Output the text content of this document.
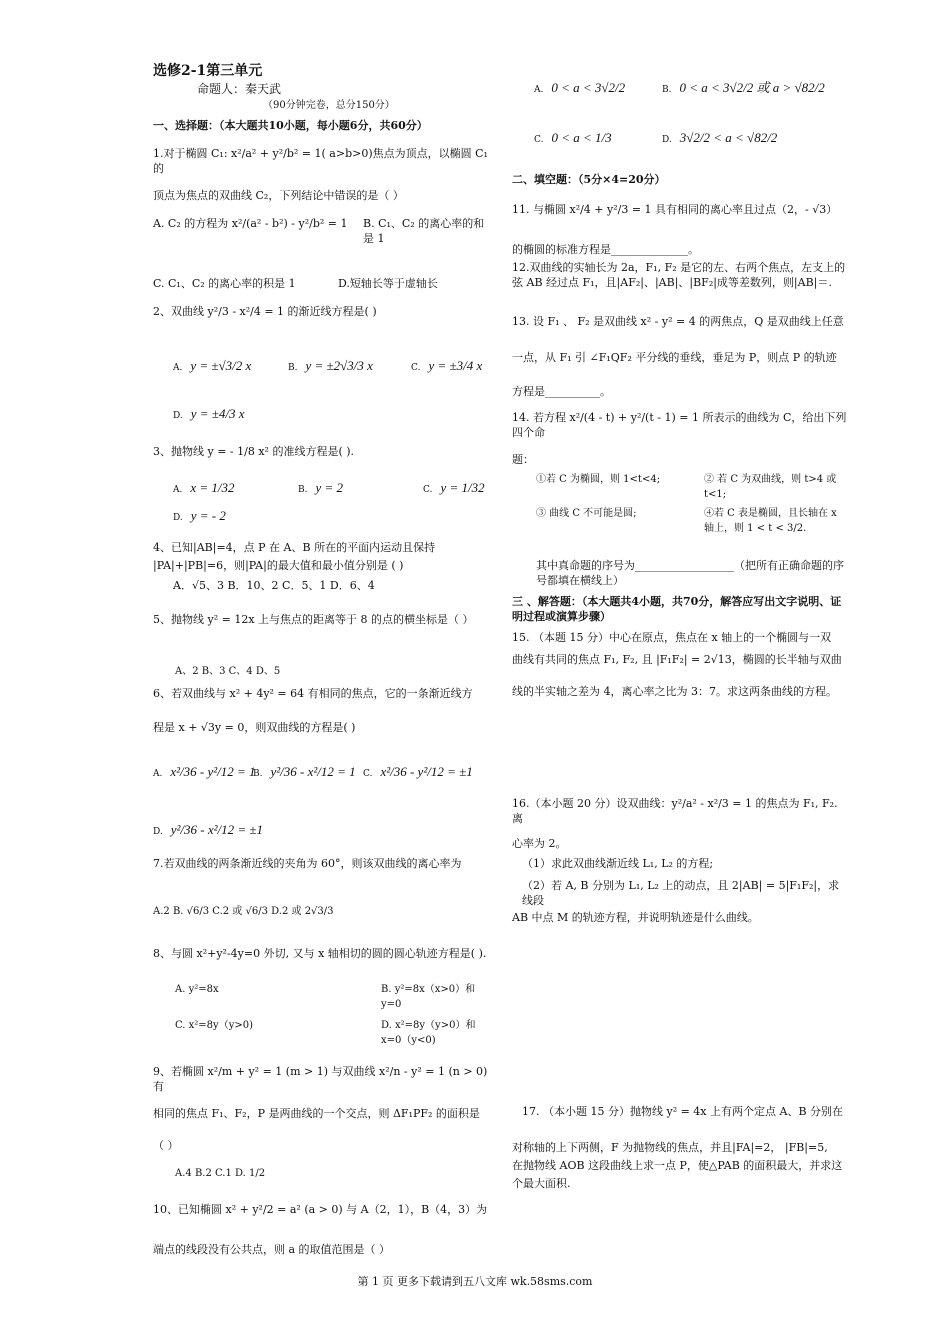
选修2-1第三单元
命题人：秦天武
（90分钟完卷，总分150分）
一、选择题：（本大题共10小题，每小题6分，共60分）
1.对于椭圆 C₁: x²/a² + y²/b² = 1( a>b>0)焦点为顶点，以椭圆 C₁ 的
顶点为焦点的双曲线 C₂，下列结论中错误的是（ ）
A. C₂ 的方程为 x²/(a² - b²) - y²/b² = 1	B. C₁、C₂ 的离心率的和是 1
C. C₁、C₂ 的离心率的积是 1	D.短轴长等于虚轴长
2、双曲线 y²/3 - x²/4 = 1 的渐近线方程是( )
A. y = ±√3/2 x	B. y = ±2√3/3 x	C. y = ±3/4 x
D. y = ±4/3 x
3、抛物线 y = - 1/8 x² 的准线方程是( ).
A. x = 1/32	B. y = 2	C. y = 1/32
D. y = - 2
4、已知|AB|=4，点 P 在 A、B 所在的平面内运动且保持
|PA|+|PB|=6，则|PA|的最大值和最小值分别是 ( )
A．√5、3 B．10、2 C．5、1 D．6、4
5、抛物线 y² = 12x 上与焦点的距离等于 8 的点的横坐标是（ ）
A、2 B、3 C、4 D、5
6、若双曲线与 x² + 4y² = 64 有相同的焦点，它的一条渐近线方
程是 x + √3y = 0，则双曲线的方程是( )
A. x²/36 - y²/12 = 1
B. y²/36 - x²/12 = 1 C. x²/36 - y²/12 = ±1
D. y²/36 - x²/12 = ±1
7.若双曲线的两条渐近线的夹角为 60°，则该双曲线的离心率为
A.2 B. √6/3 C.2 或 √6/3 D.2 或 2√3/3
8、与圆 x²+y²-4y=0 外切, 又与 x 轴相切的圆的圆心轨迹方程是( ).
A. y²=8x	B. y²=8x（x>0）和 y=0
C. x²=8y（y>0)	D. x²=8y（y>0）和 x=0（y<0)
9、若椭圆 x²/m + y² = 1 (m > 1) 与双曲线 x²/n - y² = 1 (n > 0) 有
相同的焦点 F₁、F₂，P 是两曲线的一个交点，则 ΔF₁PF₂ 的面积是
（ ）
A.4 B.2 C.1 D. 1/2
10、已知椭圆 x² + y²/2 = a² (a > 0) 与 A（2，1），B（4，3）为
端点的线段没有公共点，则 a 的取值范围是（ ）
A. 0 < a < 3√2/2	B. 0 < a < 3√2/2 或 a > √82/2
C. 0 < a < 1/3	D. 3√2/2 < a < √82/2
二、填空题：（5分×4=20分）
11. 与椭圆 x²/4 + y²/3 = 1 具有相同的离心率且过点（2，- √3）
的椭圆的标准方程是______________。
12.双曲线的实轴长为 2a，F₁, F₂ 是它的左、右两个焦点，左支上的弦 AB 经过点 F₁，且|AF₂|、|AB|、|BF₂|成等差数列，则|AB|＝.
13. 设 F₁ 、 F₂ 是双曲线 x² - y² = 4 的两焦点，Q 是双曲线上任意
一点，从 F₁ 引 ∠F₁QF₂ 平分线的垂线，垂足为 P，则点 P 的轨迹
方程是__________。
14. 若方程 x²/(4 - t) + y²/(t - 1) = 1 所表示的曲线为 C，给出下列四个命
题：
①若 C 为椭圆，则 1<t<4;	② 若 C 为双曲线，则 t>4 或 t<1;
③ 曲线 C 不可能是圆;	④若 C 表是椭圆，且长轴在 x 轴上，则 1 < t < 3/2.
其中真命题的序号为__________________（把所有正确命题的序号都填在横线上）
三 、解答题：（本大题共4小题，共70分，解答应写出文字说明、证明过程或演算步骤）
15. （本题 15 分）中心在原点，焦点在 x 轴上的一个椭圆与一双
曲线有共同的焦点 F₁, F₂, 且 |F₁F₂| = 2√13，椭圆的长半轴与双曲
线的半实轴之差为 4，离心率之比为 3：7。求这两条曲线的方程。
16.（本小题 20 分）设双曲线：y²/a² - x²/3 = 1 的焦点为 F₁, F₂. 离
心率为 2。
（1）求此双曲线渐近线 L₁, L₂ 的方程;
（2）若 A, B 分别为 L₁, L₂ 上的动点，且 2|AB| = 5|F₁F₂|，求线段
AB 中点 M 的轨迹方程，并说明轨迹是什么曲线。
17. （本小题 15 分）抛物线 y² = 4x 上有两个定点 A、B 分别在
对称轴的上下两侧，F 为抛物线的焦点，并且|FA|=2， |FB|=5,
在抛物线 AOB 这段曲线上求一点 P，使△PAB 的面积最大，并求这
个最大面积.
第 1 页 更多下载请到五八文库 wk.58sms.com
